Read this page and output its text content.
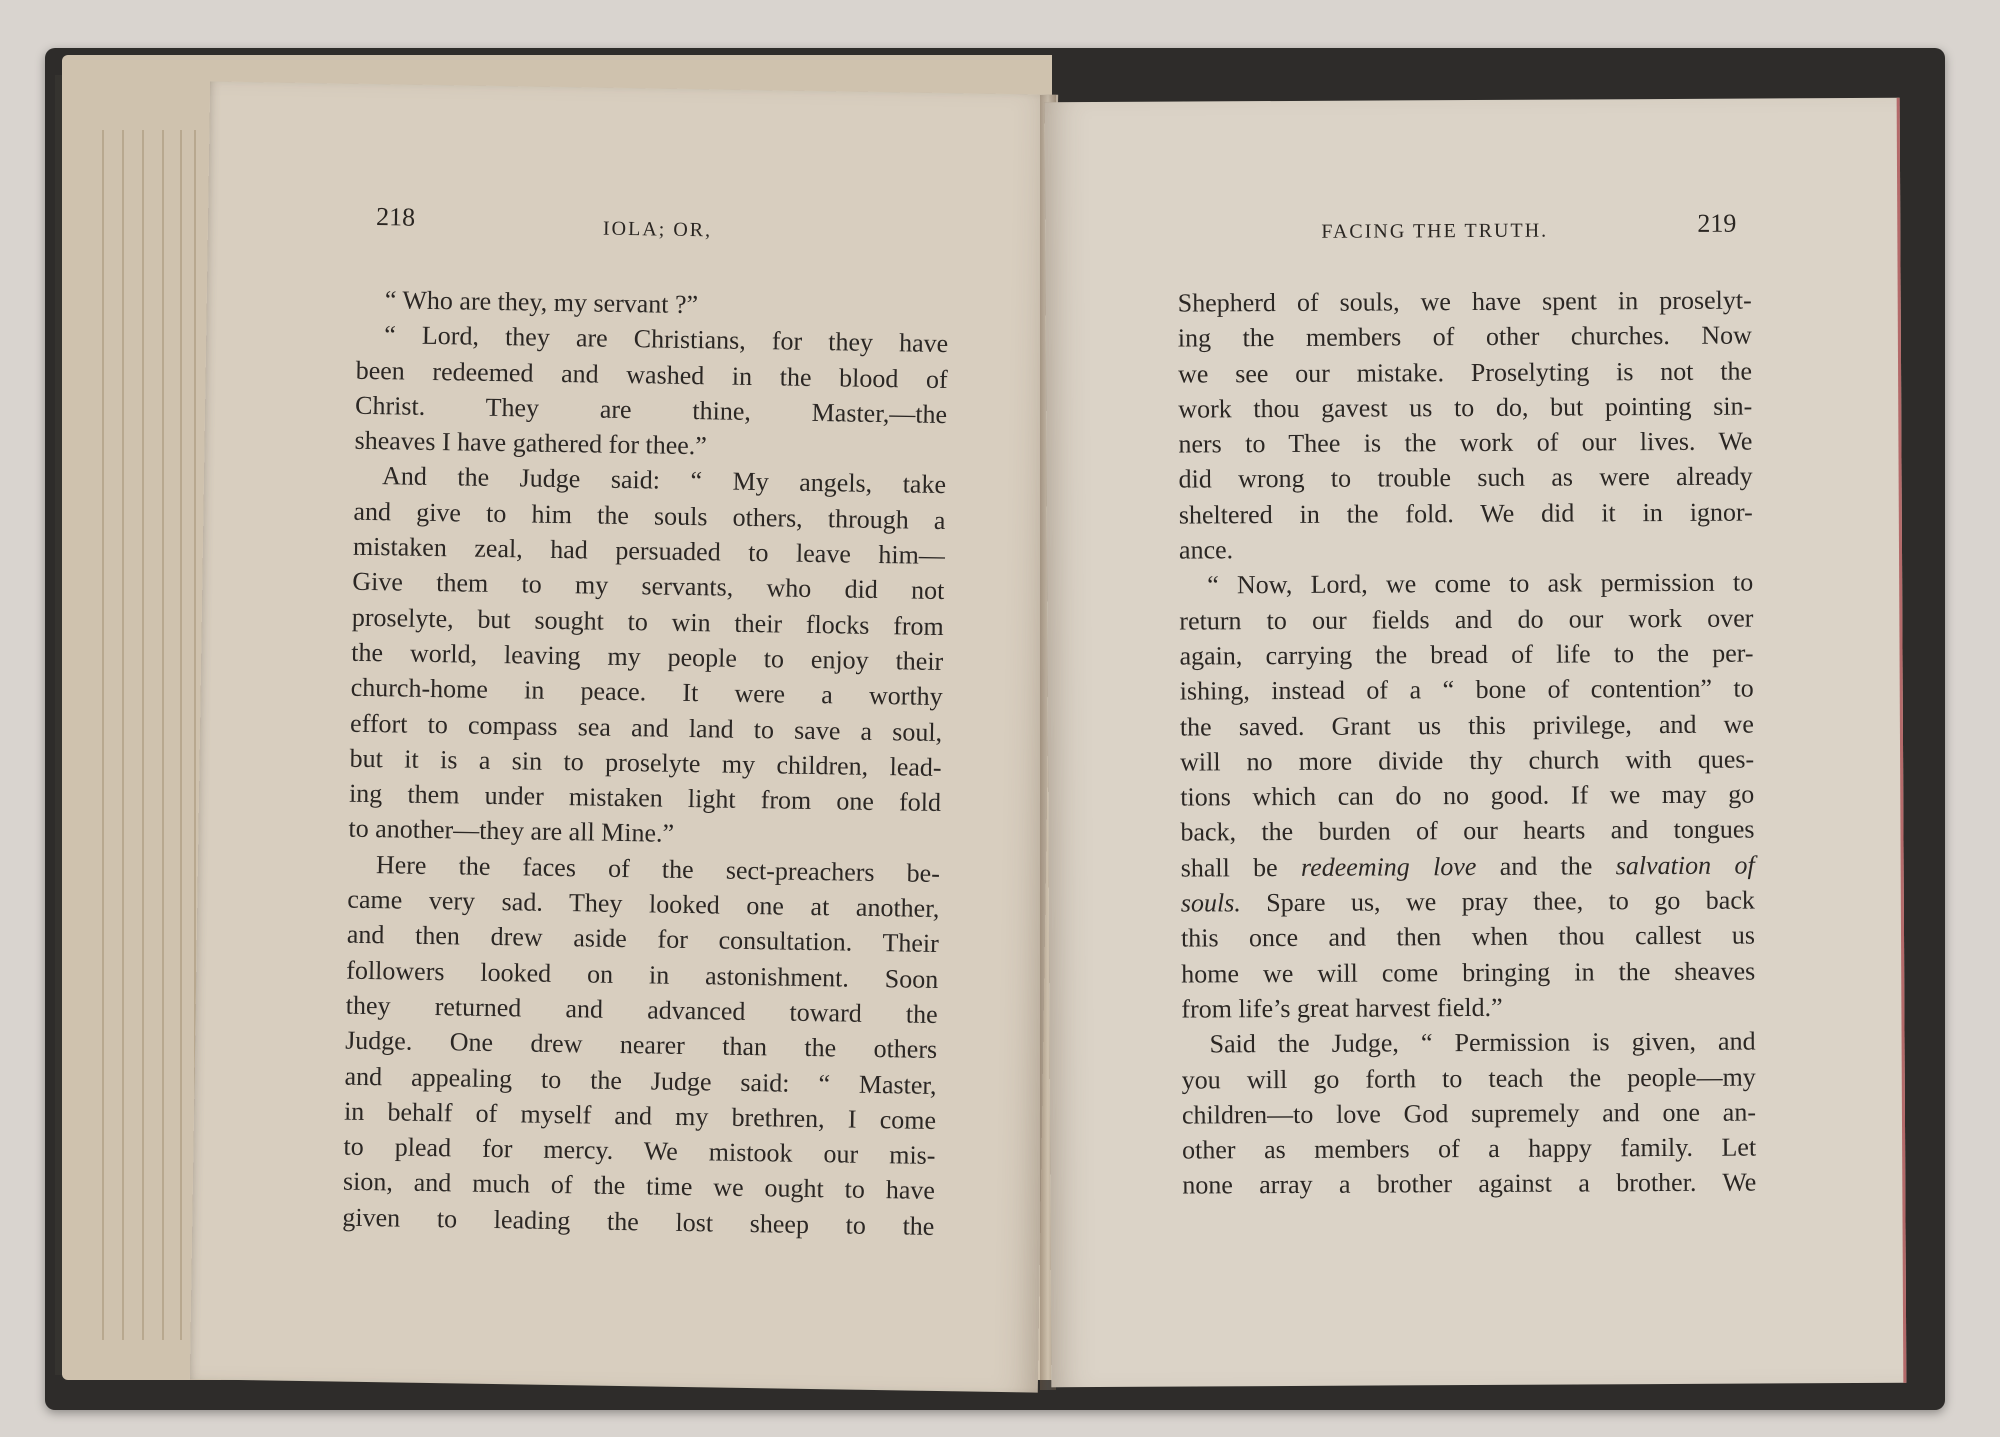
218	IOLA; OR,
“ Who are they, my servant ?”
“ Lord, they are Christians, for they have
been redeemed and washed in the blood of
Christ. They are thine, Master,—the
sheaves I have gathered for thee.”
And the Judge said: “ My angels, take
and give to him the souls others, through a
mistaken zeal, had persuaded to leave him—
Give them to my servants, who did not
proselyte, but sought to win their flocks from
the world, leaving my people to enjoy their
church-home in peace. It were a worthy
effort to compass sea and land to save a soul,
but it is a sin to proselyte my children, lead-
ing them under mistaken light from one fold
to another—they are all Mine.”
Here the faces of the sect-preachers be-
came very sad. They looked one at another,
and then drew aside for consultation. Their
followers looked on in astonishment. Soon
they returned and advanced toward the
Judge. One drew nearer than the others
and appealing to the Judge said: “ Master,
in behalf of myself and my brethren, I come
to plead for mercy. We mistook our mis-
sion, and much of the time we ought to have
given to leading the lost sheep to the
FACING THE TRUTH.	219
Shepherd of souls, we have spent in proselyt-
ing the members of other churches. Now
we see our mistake. Proselyting is not the
work thou gavest us to do, but pointing sin-
ners to Thee is the work of our lives. We
did wrong to trouble such as were already
sheltered in the fold. We did it in ignor-
ance.
“ Now, Lord, we come to ask permission to
return to our fields and do our work over
again, carrying the bread of life to the per-
ishing, instead of a “ bone of contention” to
the saved. Grant us this privilege, and we
will no more divide thy church with ques-
tions which can do no good. If we may go
back, the burden of our hearts and tongues
shall be redeeming love and the salvation of
souls. Spare us, we pray thee, to go back
this once and then when thou callest us
home we will come bringing in the sheaves
from life’s great harvest field.”
Said the Judge, “ Permission is given, and
you will go forth to teach the people—my
children—to love God supremely and one an-
other as members of a happy family. Let
none array a brother against a brother. We
